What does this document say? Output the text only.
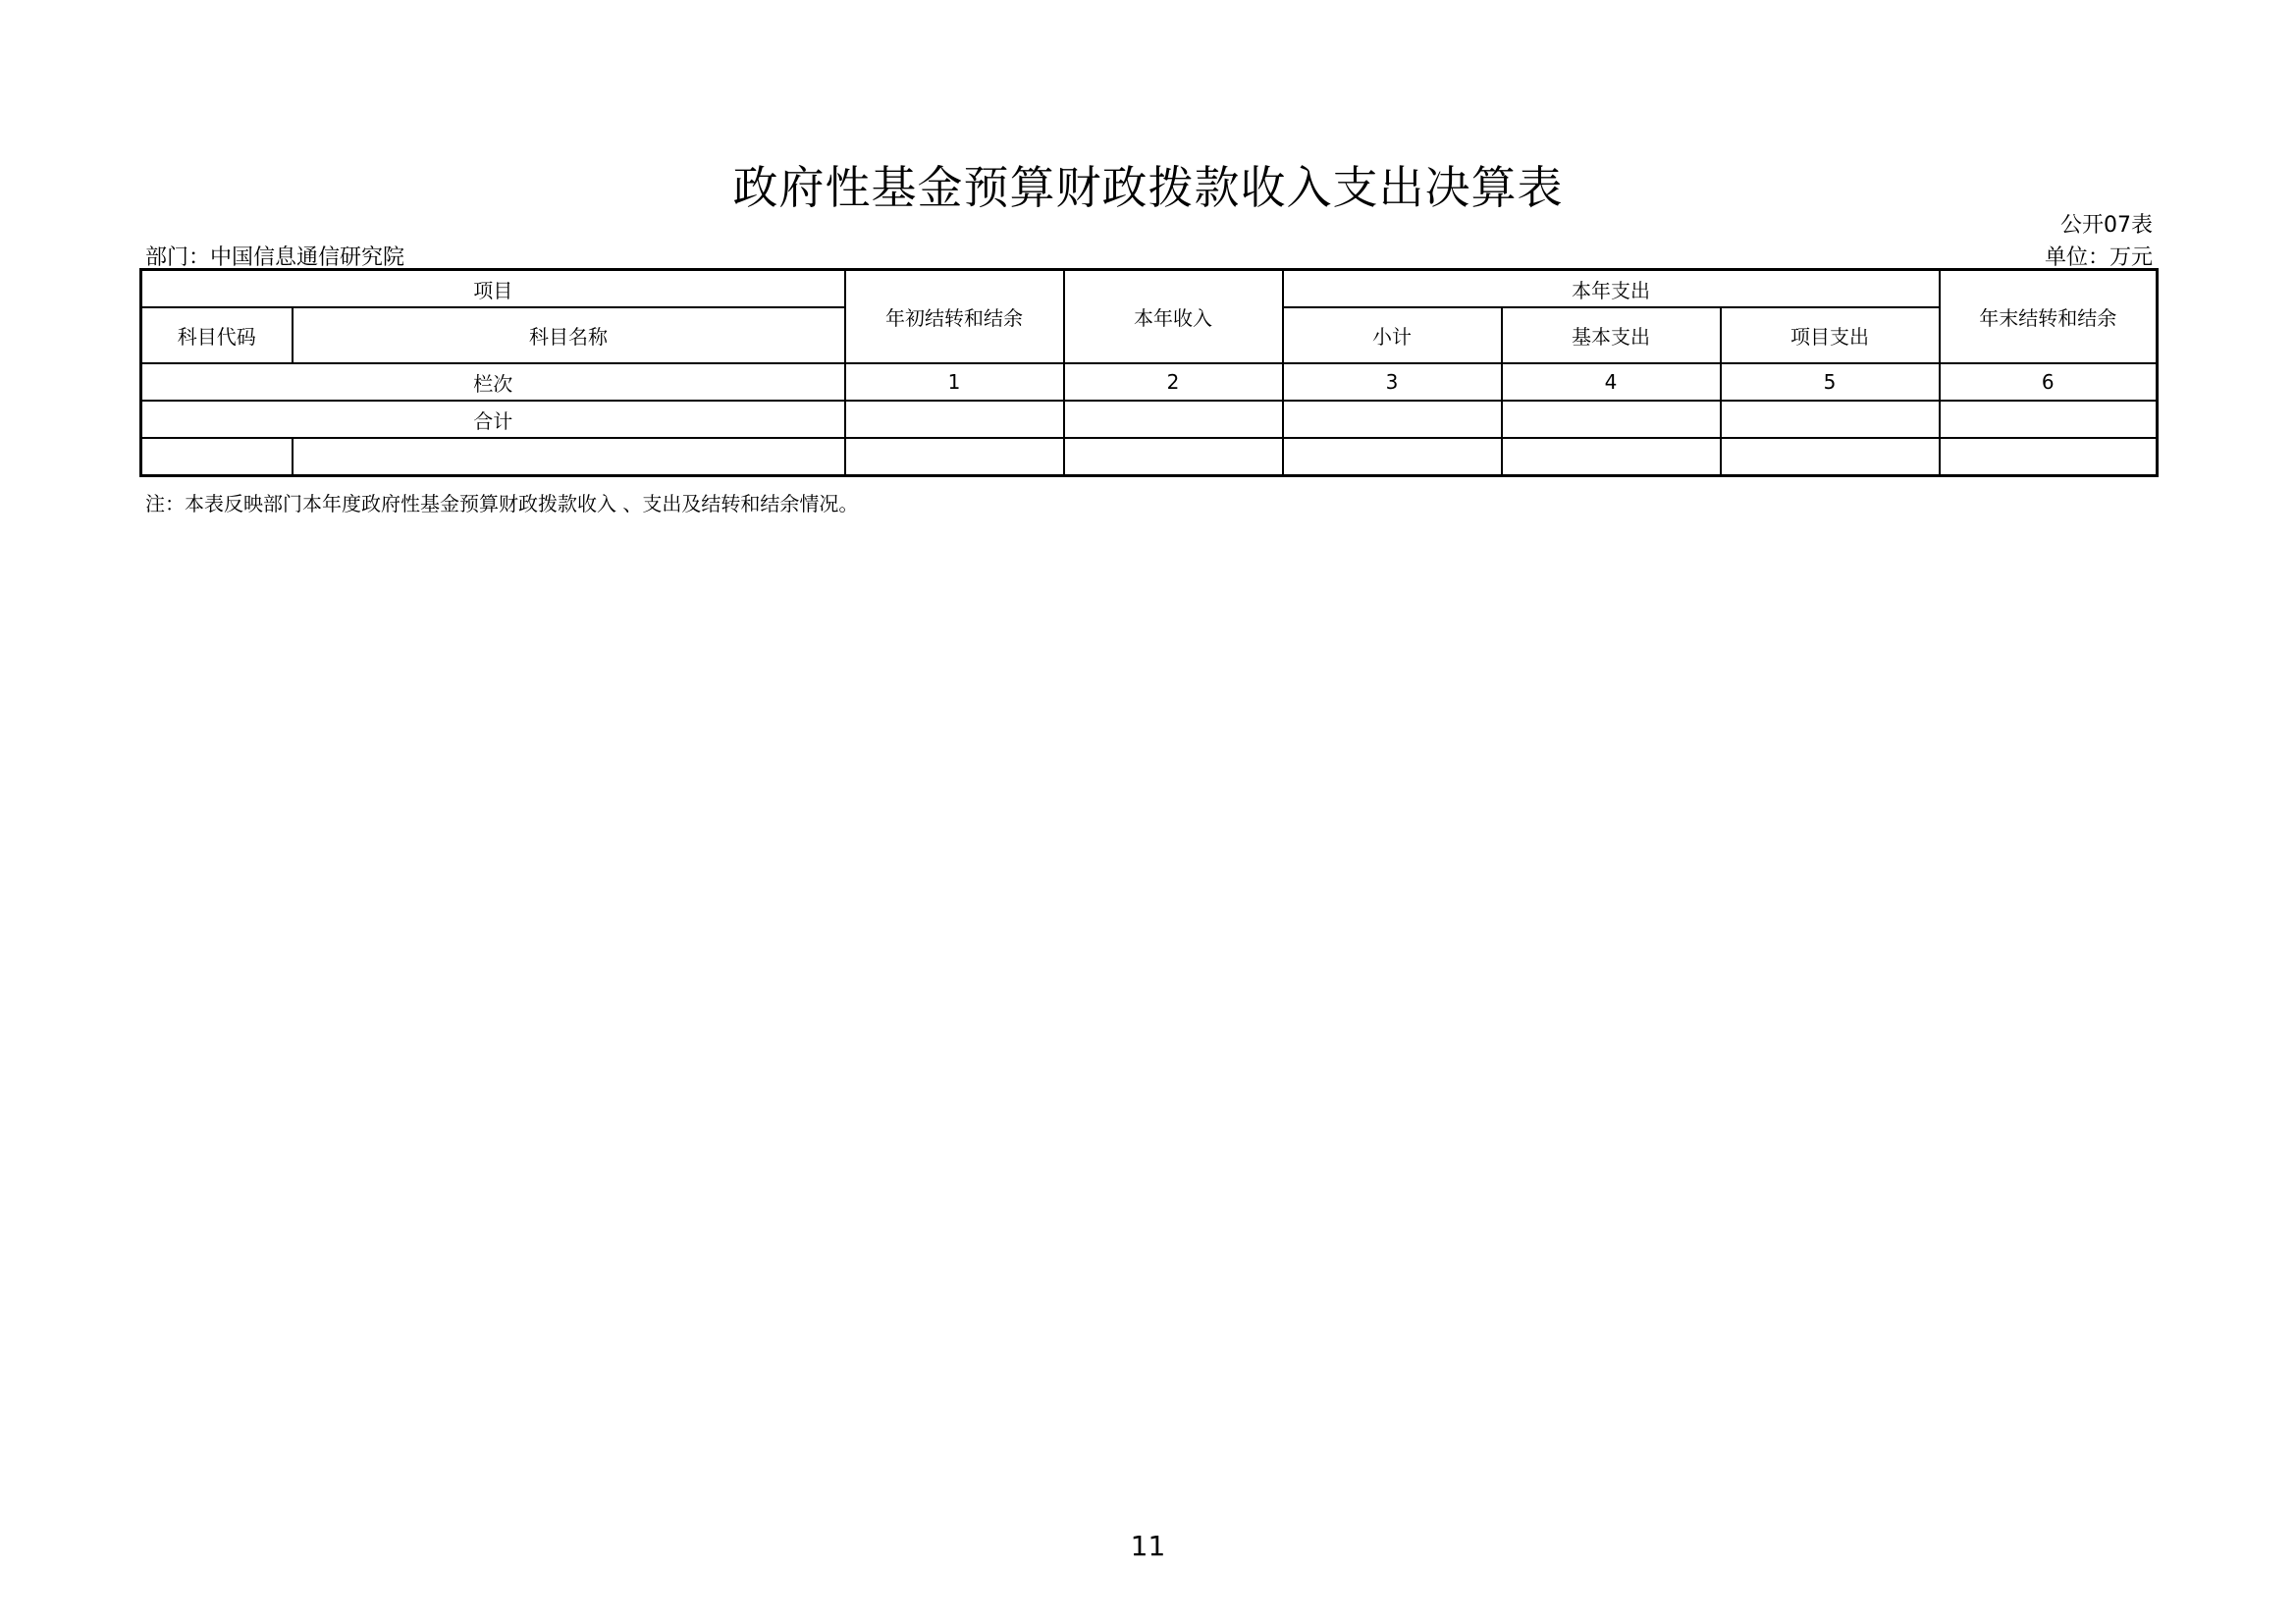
政府性基金预算财政拨款收入支出决算表
公开07表
部门：中国信息通信研究院	单位：万元
项目		年初结转和结余	本年收入	本年支出			年末结转和结余
科目代码	科目名称			小计	基本支出	项目支出	
栏次		1	2	3	4	5	6
合计							

注：本表反映部门本年度政府性基金预算财政拨款收入 、支出及结转和结余情况。
11
